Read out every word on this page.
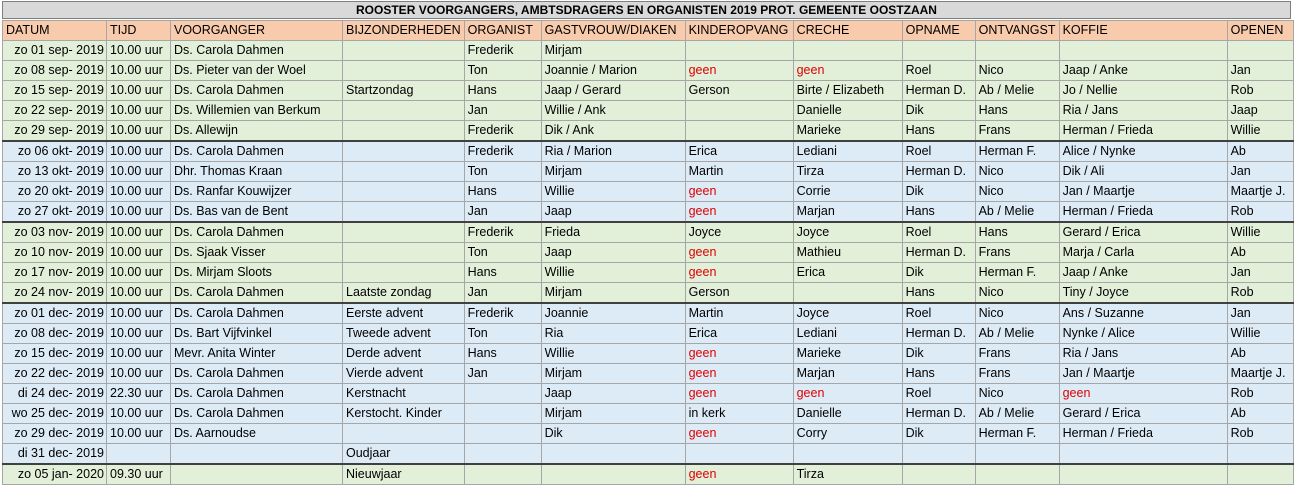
ROOSTER VOORGANGERS, AMBTSDRAGERS EN ORGANISTEN 2019 PROT. GEMEENTE OOSTZAAN
DATUM	TIJD	VOORGANGER	BIJZONDERHEDEN	ORGANIST	GASTVROUW/DIAKEN	KINDEROPVANG	CRECHE	OPNAME	ONTVANGST	KOFFIE	OPENEN
zo 01 sep- 2019	10.00 uur	Ds. Carola Dahmen		Frederik	Mirjam						
zo 08 sep- 2019	10.00 uur	Ds. Pieter van der Woel		Ton	Joannie / Marion	geen	geen	Roel	Nico	Jaap / Anke	Jan
zo 15 sep- 2019	10.00 uur	Ds. Carola Dahmen	Startzondag	Hans	Jaap / Gerard	Gerson	Birte / Elizabeth	Herman D.	Ab / Melie	Jo / Nellie	Rob
zo 22 sep- 2019	10.00 uur	Ds. Willemien van Berkum		Jan	Willie / Ank		Danielle	Dik	Hans	Ria / Jans	Jaap
zo 29 sep- 2019	10.00 uur	Ds. Allewijn		Frederik	Dik / Ank		Marieke	Hans	Frans	Herman / Frieda	Willie
zo 06 okt- 2019	10.00 uur	Ds. Carola Dahmen		Frederik	Ria / Marion	Erica	Lediani	Roel	Herman F.	Alice / Nynke	Ab
zo 13 okt- 2019	10.00 uur	Dhr. Thomas Kraan		Ton	Mirjam	Martin	Tirza	Herman D.	Nico	Dik / Ali	Jan
zo 20 okt- 2019	10.00 uur	Ds. Ranfar Kouwijzer		Hans	Willie	geen	Corrie	Dik	Nico	Jan / Maartje	Maartje J.
zo 27 okt- 2019	10.00 uur	Ds. Bas van de Bent		Jan	Jaap	geen	Marjan	Hans	Ab / Melie	Herman / Frieda	Rob
zo 03 nov- 2019	10.00 uur	Ds. Carola Dahmen		Frederik	Frieda	Joyce	Joyce	Roel	Hans	Gerard / Erica	Willie
zo 10 nov- 2019	10.00 uur	Ds. Sjaak Visser		Ton	Jaap	geen	Mathieu	Herman D.	Frans	Marja / Carla	Ab
zo 17 nov- 2019	10.00 uur	Ds. Mirjam Sloots		Hans	Willie	geen	Erica	Dik	Herman F.	Jaap / Anke	Jan
zo 24 nov- 2019	10.00 uur	Ds. Carola Dahmen	Laatste zondag	Jan	Mirjam	Gerson		Hans	Nico	Tiny / Joyce	Rob
zo 01 dec- 2019	10.00 uur	Ds. Carola Dahmen	Eerste advent	Frederik	Joannie	Martin	Joyce	Roel	Nico	Ans / Suzanne	Jan
zo 08 dec- 2019	10.00 uur	Ds. Bart Vijfvinkel	Tweede advent	Ton	Ria	Erica	Lediani	Herman D.	Ab / Melie	Nynke / Alice	Willie
zo 15 dec- 2019	10.00 uur	Mevr. Anita Winter	Derde advent	Hans	Willie	geen	Marieke	Dik	Frans	Ria / Jans	Ab
zo 22 dec- 2019	10.00 uur	Ds. Carola Dahmen	Vierde advent	Jan	Mirjam	geen	Marjan	Hans	Frans	Jan / Maartje	Maartje J.
di 24 dec- 2019	22.30 uur	Ds. Carola Dahmen	Kerstnacht		Jaap	geen	geen	Roel	Nico	geen	Rob
wo 25 dec- 2019	10.00 uur	Ds. Carola Dahmen	Kerstocht. Kinder		Mirjam	in kerk	Danielle	Herman D.	Ab / Melie	Gerard / Erica	Ab
zo 29 dec- 2019	10.00 uur	Ds. Aarnoudse			Dik	geen	Corry	Dik	Herman F.	Herman / Frieda	Rob
di 31 dec- 2019			Oudjaar								
zo 05 jan- 2020	09.30 uur		Nieuwjaar			geen	Tirza				
